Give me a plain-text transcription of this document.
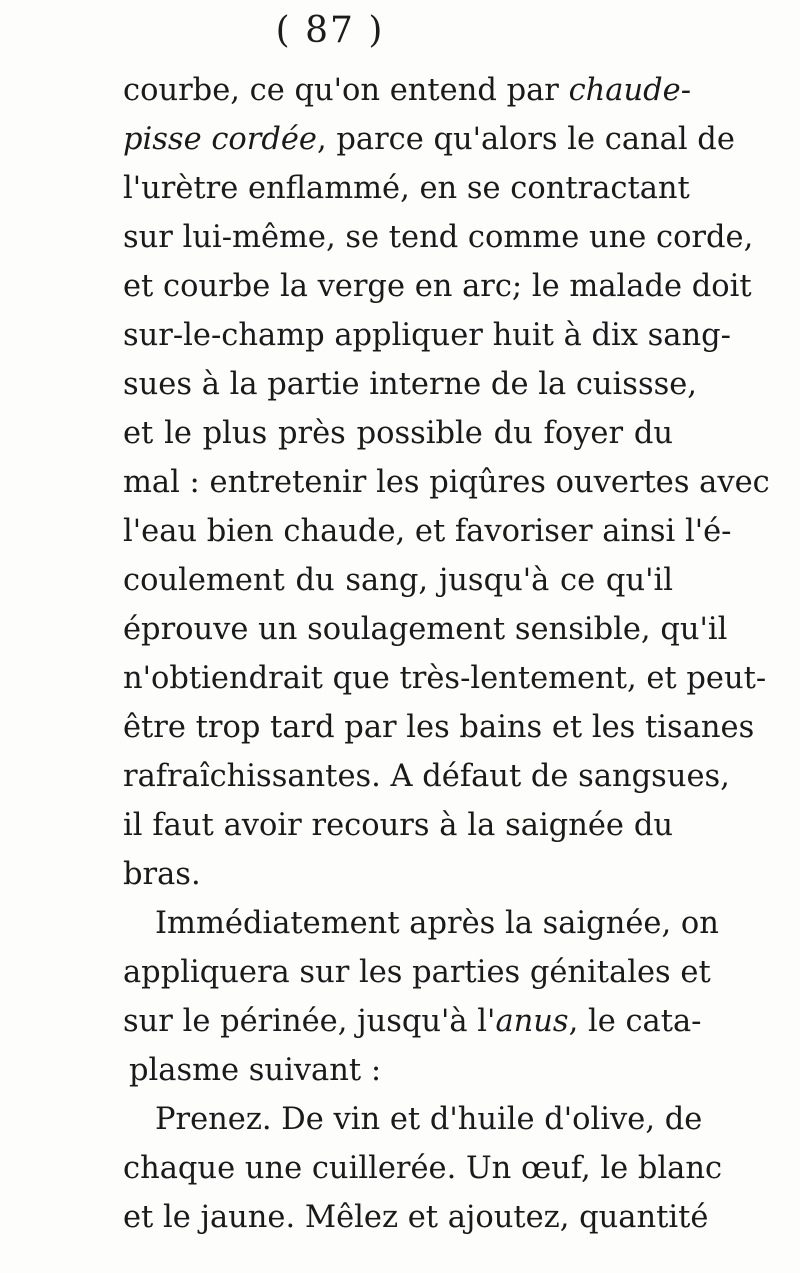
( 87 )
courbe, ce qu'on entend par chaude-
pisse cordée, parce qu'alors le canal de
l'urètre enflammé, en se contractant
sur lui-même, se tend comme une corde,
et courbe la verge en arc; le malade doit
sur-le-champ appliquer huit à dix sang-
sues à la partie interne de la cuissse,
et le plus près possible du foyer du
mal : entretenir les piqûres ouvertes avec
l'eau bien chaude, et favoriser ainsi l'é-
coulement du sang, jusqu'à ce qu'il
éprouve un soulagement sensible, qu'il
n'obtiendrait que très-lentement, et peut-
être trop tard par les bains et les tisanes
rafraîchissantes. A défaut de sangsues,
il faut avoir recours à la saignée du
bras.
Immédiatement après la saignée, on
appliquera sur les parties génitales et
sur le périnée, jusqu'à l'anus, le cata-
plasme suivant :
Prenez. De vin et d'huile d'olive, de
chaque une cuillerée. Un œuf, le blanc
et le jaune. Mêlez et ajoutez, quantité
